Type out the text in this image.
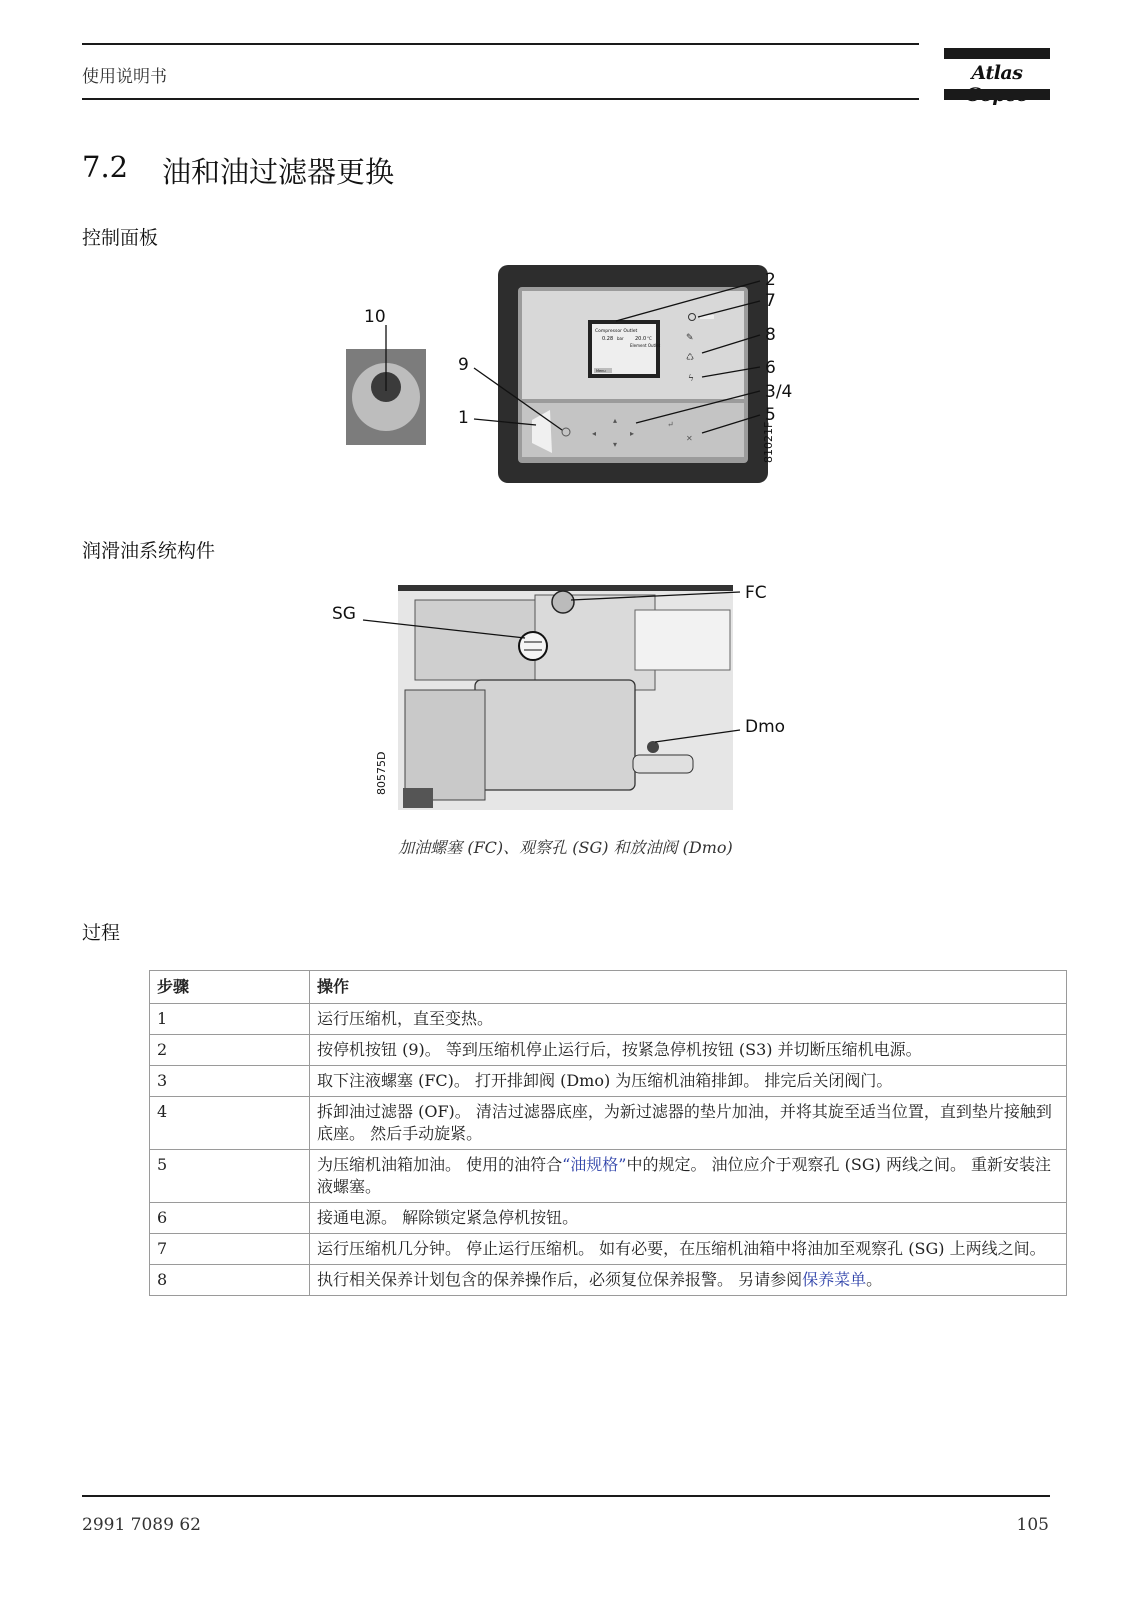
使用说明书	Atlas
7.2 油和油过滤器更换
控制面板
Compressor Outlet
0.28 bar 20.0 °C
Element Outlet
Menu
✎
♺
ϟ
◂
▴
▾
▸
↵
✕
10
9
1
2
7
8
6
3/4
5
81021F
润滑油系统构件
FC
SG
Dmo
80575D
加油螺塞 (FC)、观察孔 (SG) 和放油阀 (Dmo)
过程
步骤	操作
1	运行压缩机，直至变热。
2	按停机按钮 (9)。 等到压缩机停止运行后，按紧急停机按钮 (S3) 并切断压缩机电源。
3	取下注液螺塞 (FC)。 打开排卸阀 (Dmo) 为压缩机油箱排卸。 排完后关闭阀门。
4	拆卸油过滤器 (OF)。 清洁过滤器底座，为新过滤器的垫片加油，并将其旋至适当位置，直到垫片接触到底座。 然后手动旋紧。
5	为压缩机油箱加油。 使用的油符合“油规格”中的规定。 油位应介于观察孔 (SG) 两线之间。 重新安装注液螺塞。
6	接通电源。 解除锁定紧急停机按钮。
7	运行压缩机几分钟。 停止运行压缩机。 如有必要，在压缩机油箱中将油加至观察孔 (SG) 上两线之间。
8	执行相关保养计划包含的保养操作后，必须复位保养报警。 另请参阅保养菜单。
2991 7089 62	105
